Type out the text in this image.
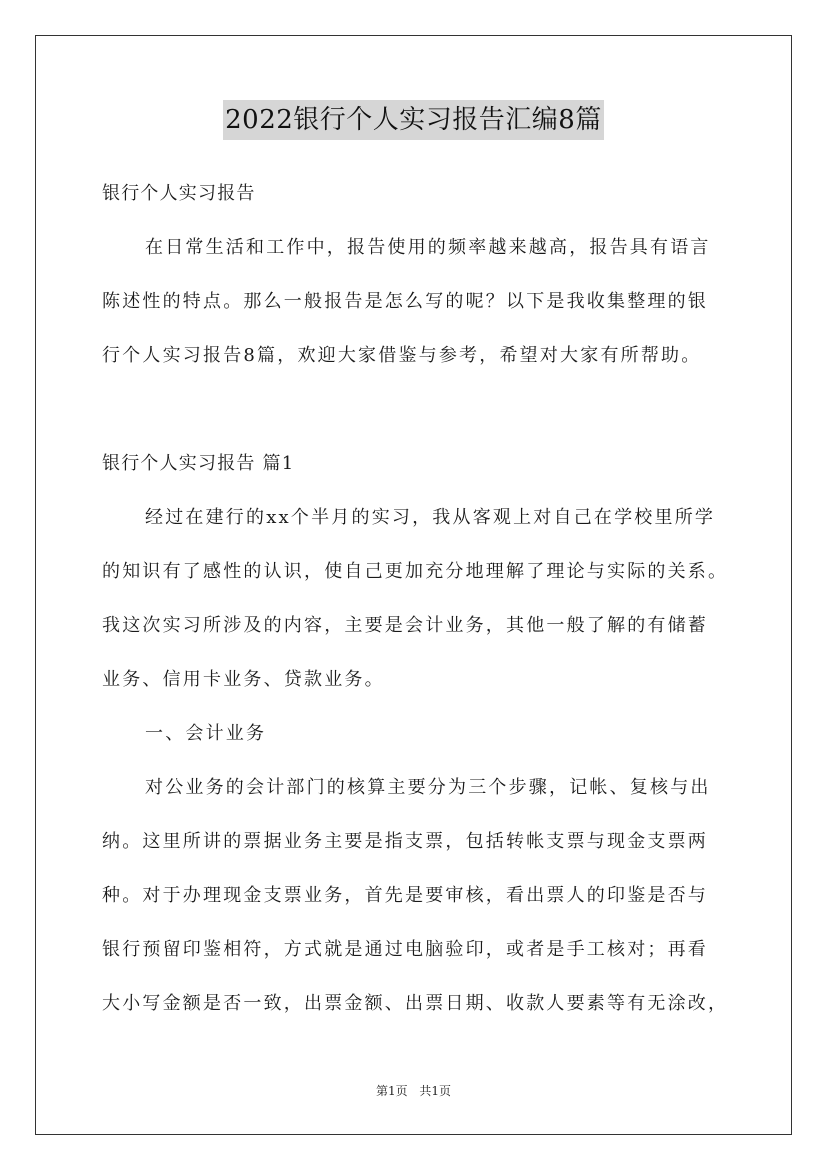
2022银行个人实习报告汇编8篇
银行个人实习报告
在日常生活和工作中，报告使用的频率越来越高，报告具有语言
陈述性的特点。那么一般报告是怎么写的呢？以下是我收集整理的银
行个人实习报告8篇，欢迎大家借鉴与参考，希望对大家有所帮助。
银行个人实习报告 篇1
经过在建行的xx个半月的实习，我从客观上对自己在学校里所学
的知识有了感性的认识，使自己更加充分地理解了理论与实际的关系。
我这次实习所涉及的内容，主要是会计业务，其他一般了解的有储蓄
业务、信用卡业务、贷款业务。
一、会计业务
对公业务的会计部门的核算主要分为三个步骤，记帐、复核与出
纳。这里所讲的票据业务主要是指支票，包括转帐支票与现金支票两
种。对于办理现金支票业务，首先是要审核，看出票人的印鉴是否与
银行预留印鉴相符，方式就是通过电脑验印，或者是手工核对；再看
大小写金额是否一致，出票金额、出票日期、收款人要素等有无涂改，
第1页 共1页
